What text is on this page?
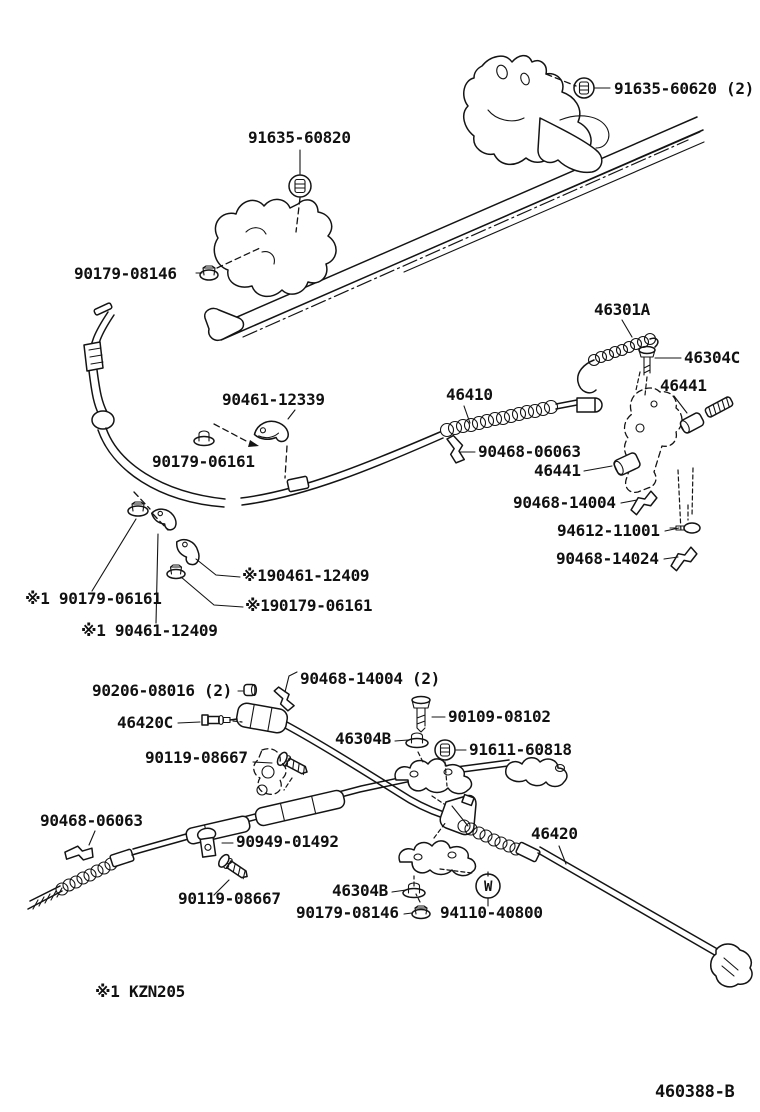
W
91635-60620 (2)
91635-60820
90179-08146
46301A
46304C
46441
46410
90461-12339
90179-06161
90468-06063
46441
90468-14004
94612-11001
90468-14024
※1 90179-06161
※1 90461-12409
※190461-12409
※190179-06161
90206-08016 (2)
90468-14004 (2)
46420C	90109-08102
46304B
91611-60818
90119-08667
90468-06063
90949-01492
90119-08667	46304B
90179-08146
46420
94110-40800
※1 KZN205
460388-B
